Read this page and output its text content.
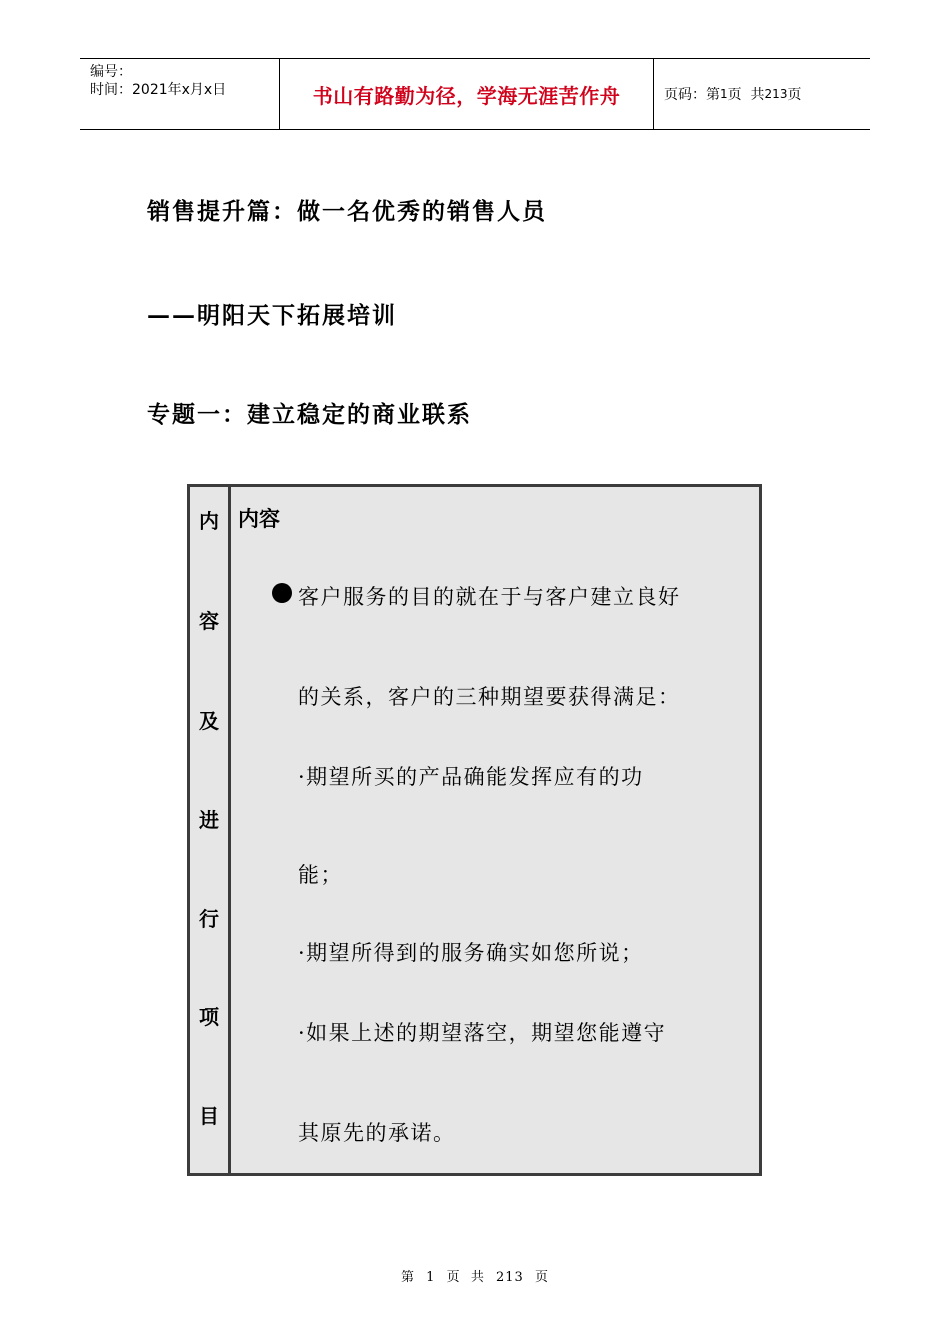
编号：
时间：2021年x月x日	书山有路勤为径，学海无涯苦作舟	页码：第 1 页  共 213 页
销售提升篇：做一名优秀的销售人员
——明阳天下拓展培训
专题一：建立稳定的商业联系
内
容
及
进
行
项
目
内容
客户服务的目的就在于与客户建立良好
的关系，客户的三种期望要获得满足：
·期望所买的产品确能发挥应有的功
能；
·期望所得到的服务确实如您所说；
·如果上述的期望落空，期望您能遵守
其原先的承诺。
第 1 页  共 213 页
